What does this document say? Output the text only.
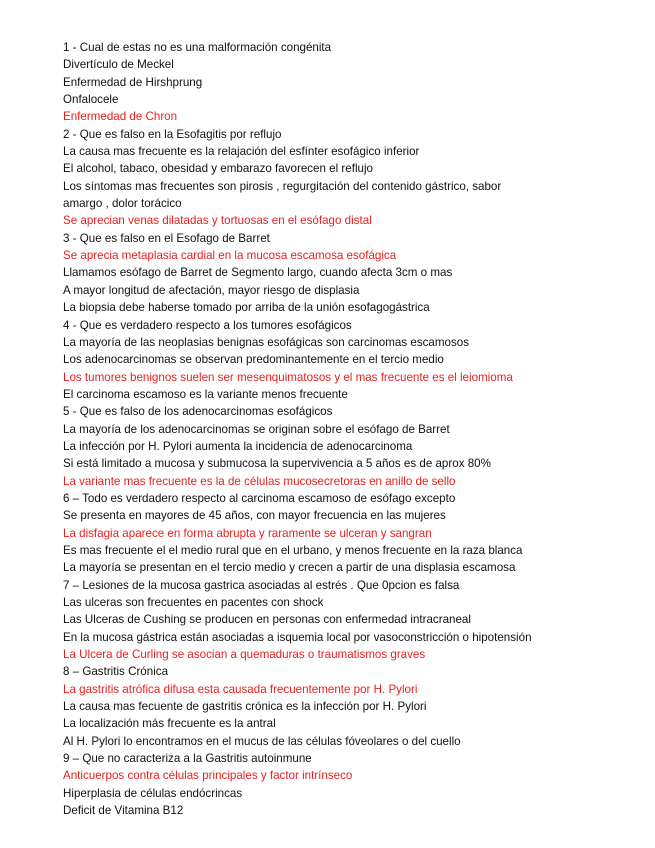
1 - Cual de estas no es una malformación congénita
Divertículo de Meckel
Enfermedad de Hirshprung
Onfalocele
Enfermedad de Chron
2 - Que es falso en la Esofagitis por reflujo
La causa mas frecuente es la relajación del esfínter esofágico inferior
El alcohol, tabaco, obesidad y embarazo favorecen el reflujo
Los síntomas mas frecuentes son pirosis , regurgitación del contenido gástrico, sabor
amargo , dolor torácico
Se aprecian venas dilatadas y tortuosas en el esófago distal
3 - Que es falso en el Esofago de Barret
Se aprecia metaplasia cardial en la mucosa escamosa esofágica
Llamamos esófago de Barret de Segmento largo, cuando afecta 3cm o mas
A mayor longitud de afectación, mayor riesgo de displasia
La biopsia debe haberse tomado por arriba de la unión esofagogástrica
4 - Que es verdadero respecto a los tumores esofágicos
La mayoría de las neoplasias benignas esofágicas son carcinomas escamosos
Los adenocarcinomas se observan predominantemente en el tercio medio
Los tumores benignos suelen ser mesenquimatosos y el mas frecuente es el leiomioma
El carcinoma escamoso es la variante menos frecuente
5 - Que es falso de los adenocarcinomas esofágicos
La mayoría de los adenocarcinomas se originan sobre el esófago de Barret
La infección por H. Pylori aumenta la incidencia de adenocarcinoma
Si está limitado a mucosa y submucosa la supervivencia a 5 años es de aprox 80%
La variante mas frecuente es la de células mucosecretoras en anillo de sello
6 – Todo es verdadero respecto al carcinoma escamoso de esófago excepto
Se presenta en mayores de 45 años, con mayor frecuencia en las mujeres
La disfagia aparece en forma abrupta y raramente se ulceran y sangran
Es mas frecuente el el medio rural que en el urbano, y menos frecuente en la raza blanca
La mayoría se presentan en el tercio medio y crecen a partir de una displasia escamosa
7 – Lesiones de la mucosa gastrica asociadas al estrés . Que 0pcion es falsa
Las ulceras son frecuentes en pacentes con shock
Las Ulceras de Cushing se producen en personas con enfermedad intracraneal
En la mucosa gástrica están asociadas a isquemia local por vasoconstricción o hipotensión
La Ulcera de Curling se asocian a quemaduras o traumatismos graves
8 – Gastritis Crónica
La gastritis atrófica difusa esta causada frecuentemente por H. Pylori
La causa mas fecuente de gastritis crónica es la infección por H. Pylori
La localización más frecuente es la antral
Al H. Pylori lo encontramos en el mucus de las células fóveolares o del cuello
9 – Que no caracteriza a la Gastritis autoinmune
Anticuerpos contra células principales y factor intrínseco
Hiperplasia de células endócrincas
Deficit de Vitamina B12
